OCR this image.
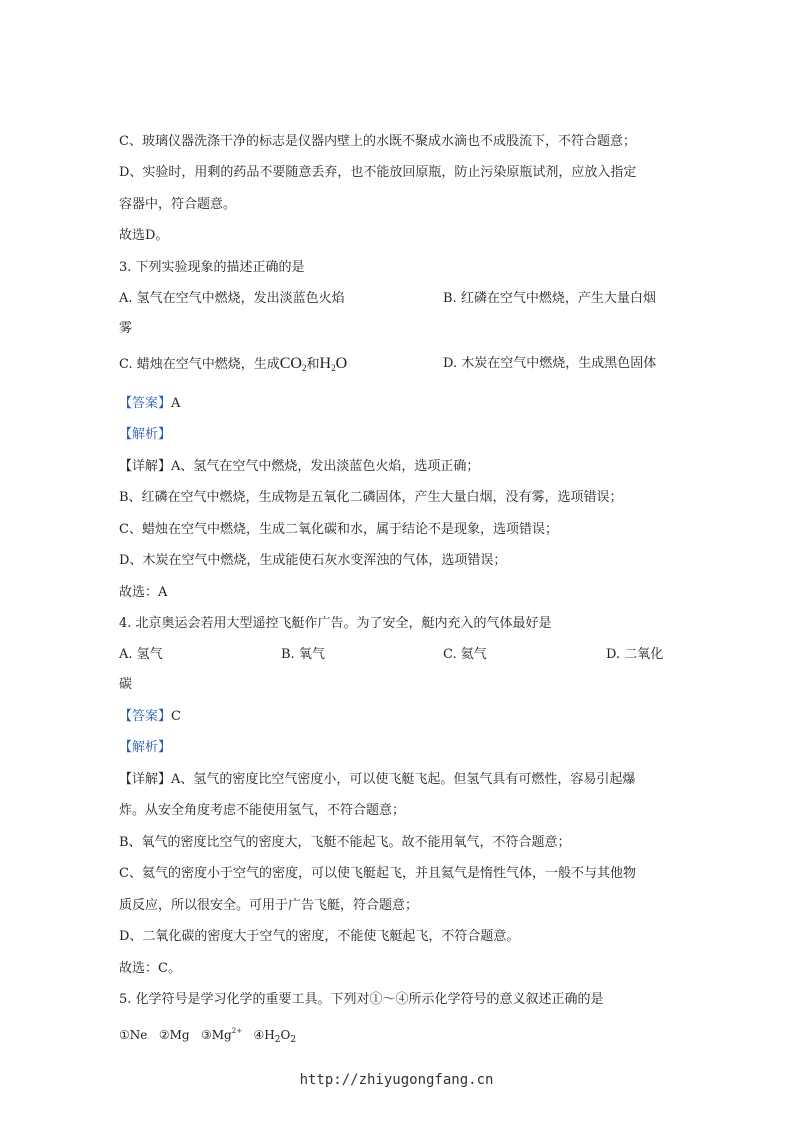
C、玻璃仪器洗涤干净的标志是仪器内壁上的水既不聚成水滴也不成股流下，不符合题意；
D、实验时，用剩的药品不要随意丢弃，也不能放回原瓶，防止污染原瓶试剂，应放入指定
容器中，符合题意。
故选D。
3. 下列实验现象的描述正确的是
A. 氢气在空气中燃烧，发出淡蓝色火焰	B. 红磷在空气中燃烧，产生大量白烟
雾
C. 蜡烛在空气中燃烧，生成$CO_2$和$H_2O$	D. 木炭在空气中燃烧，生成黑色固体
【答案】A
【解析】
【详解】A、氢气在空气中燃烧，发出淡蓝色火焰，选项正确；
B、红磷在空气中燃烧，生成物是五氧化二磷固体，产生大量白烟，没有雾，选项错误；
C、蜡烛在空气中燃烧，生成二氧化碳和水，属于结论不是现象，选项错误；
D、木炭在空气中燃烧，生成能使石灰水变浑浊的气体，选项错误；
故选：A
4. 北京奥运会若用大型遥控飞艇作广告。为了安全，艇内充入的气体最好是
A. 氢气	B. 氧气	C. 氦气	D. 二氧化
碳
【答案】C
【解析】
【详解】A、氢气的密度比空气密度小，可以使飞艇飞起。但氢气具有可燃性，容易引起爆
炸。从安全角度考虑不能使用氢气，不符合题意；
B、氧气的密度比空气的密度大，飞艇不能起飞。故不能用氧气，不符合题意；
C、氦气的密度小于空气的密度，可以使飞艇起飞，并且氦气是惰性气体，一般不与其他物
质反应，所以很安全。可用于广告飞艇，符合题意；
D、二氧化碳的密度大于空气的密度，不能使飞艇起飞，不符合题意。
故选：C。
5. 化学符号是学习化学的重要工具。下列对①～④所示化学符号的意义叙述正确的是
①Ne ②Mg $③Mg^{2+}$ $④H_2O_2$
http://zhiyugongfang.cn
